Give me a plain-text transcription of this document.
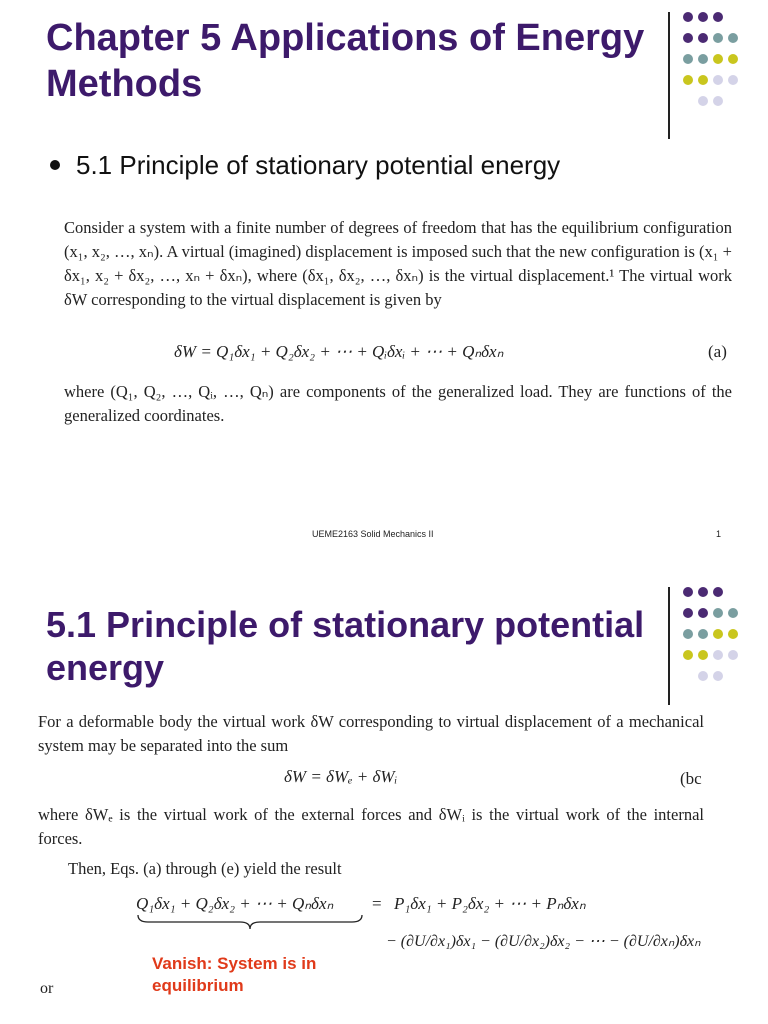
Chapter 5 Applications of Energy Methods
5.1 Principle of stationary potential energy
Consider a system with a finite number of degrees of freedom that has the equilibrium configuration (x₁, x₂, …, xₙ). A virtual (imagined) displacement is imposed such that the new configuration is (x₁ + δx₁, x₂ + δx₂, …, xₙ + δxₙ), where (δx₁, δx₂, …, δxₙ) is the virtual displacement.¹ The virtual work δW corresponding to the virtual displacement is given by
δW = Q₁δx₁ + Q₂δx₂ + ⋯ + Qᵢδxᵢ + ⋯ + Qₙδxₙ	(a)
where (Q₁, Q₂, …, Qᵢ, …, Qₙ) are components of the generalized load. They are functions of the generalized coordinates.
UEME2163 Solid Mechanics II	1
5.1 Principle of stationary potential energy
For a deformable body the virtual work δW corresponding to virtual displacement of a mechanical system may be separated into the sum
δW = δWₑ + δWᵢ	(bc
where δWₑ is the virtual work of the external forces and δWᵢ is the virtual work of the internal forces.
Then, Eqs. (a) through (e) yield the result
Q₁δx₁ + Q₂δx₂ + ⋯ + Qₙδxₙ = P₁δx₁ + P₂δx₂ + ⋯ + Pₙδxₙ
− (∂U/∂x₁)δx₁ − (∂U/∂x₂)δx₂ − ⋯ − (∂U/∂xₙ)δxₙ
Vanish: System is in equilibrium
or
